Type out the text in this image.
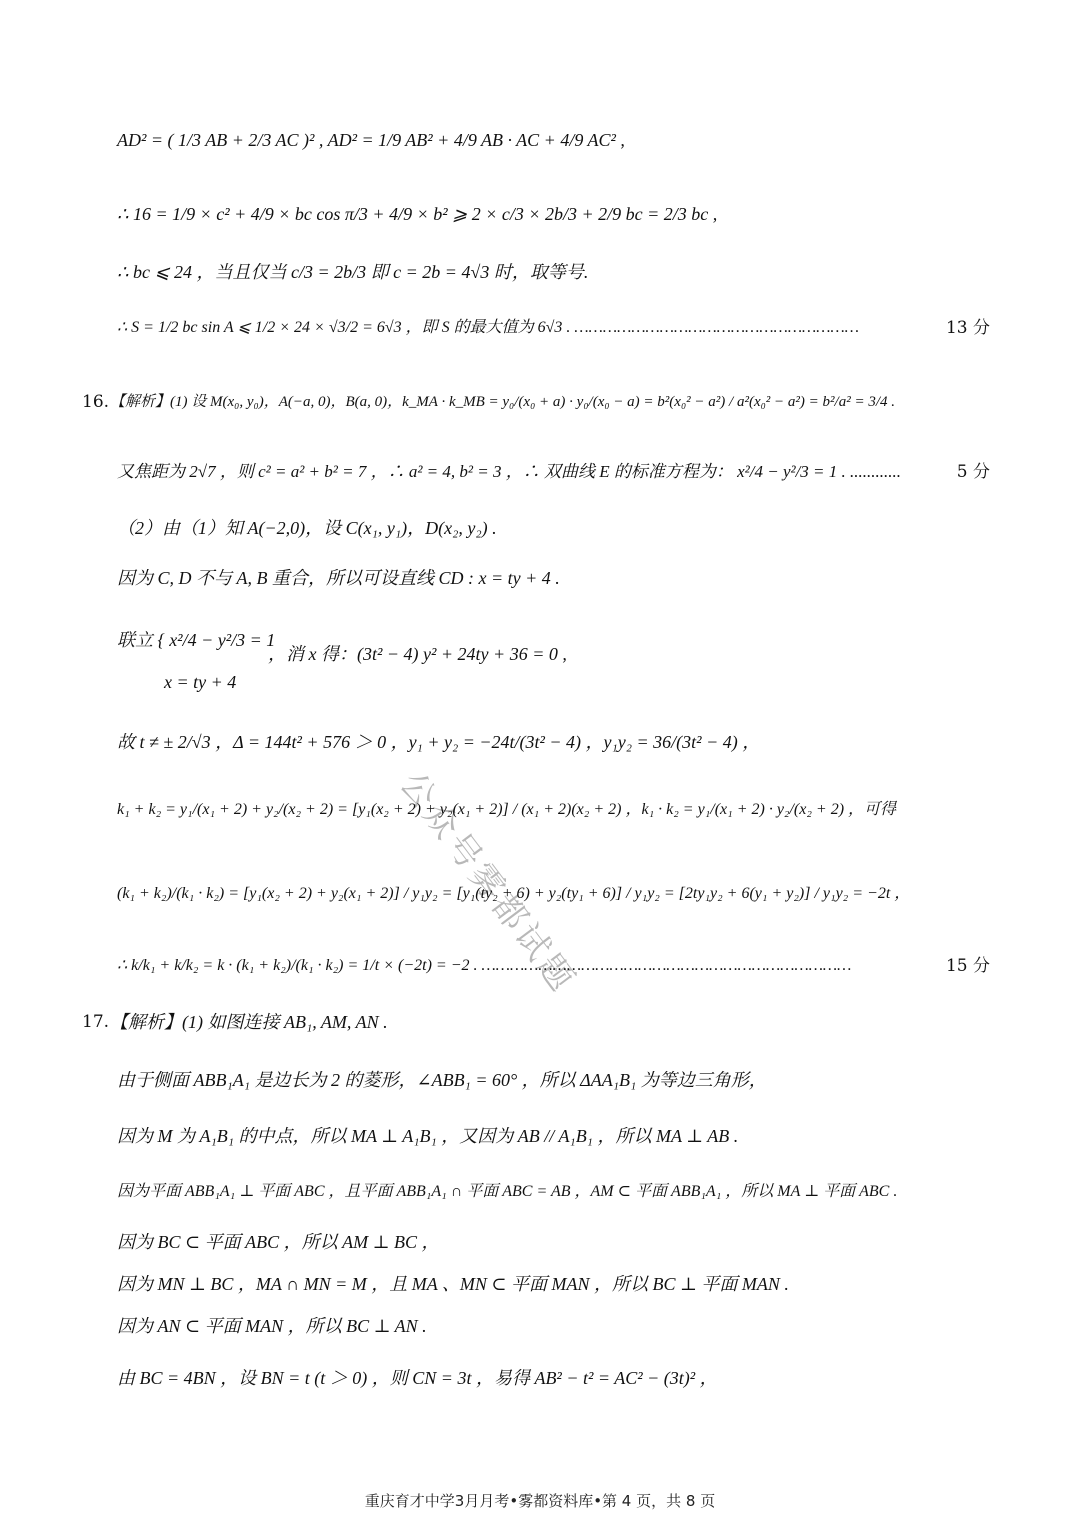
AD² = ( 1/3 AB + 2/3 AC )² , AD² = 1/9 AB² + 4/9 AB · AC + 4/9 AC² ,
∴ 16 = 1/9 × c² + 4/9 × bc cos π/3 + 4/9 × b² ⩾ 2 × c/3 × 2b/3 + 2/9 bc = 2/3 bc ,
∴ bc ⩽ 24 ，当且仅当 c/3 = 2b/3 即 c = 2b = 4√3 时，取等号.
∴ S = 1/2 bc sin A ⩽ 1/2 × 24 × √3/2 = 6√3 ，即 S 的最大值为 6√3 . ……………………………………………………	13 分
16. 【解析】(1) 设 M(x₀, y₀)，A(−a, 0)，B(a, 0)，k_MA · k_MB = y₀/(x₀ + a) · y₀/(x₀ − a) = b²(x₀² − a²) / a²(x₀² − a²) = b²/a² = 3/4 .
又焦距为 2√7 ，则 c² = a² + b² = 7 ，∴ a² = 4, b² = 3 ，∴ 双曲线 E 的标准方程为： x²/4 − y²/3 = 1 . ............	5 分
（2）由（1）知 A(−2,0)，设 C(x₁, y₁)，D(x₂, y₂) .
因为 C, D 不与 A, B 重合，所以可设直线 CD : x = ty + 4 .
联立 { x²/4 − y²/3 = 1
x = ty + 4
，消 x 得：(3t² − 4) y² + 24ty + 36 = 0 ,
故 t ≠ ± 2/√3 ，Δ = 144t² + 576 ＞ 0 ，y₁ + y₂ = −24t/(3t² − 4) ，y₁y₂ = 36/(3t² − 4) ，
k₁ + k₂ = y₁/(x₁ + 2) + y₂/(x₂ + 2) = [y₁(x₂ + 2) + y₂(x₁ + 2)] / (x₁ + 2)(x₂ + 2) ，k₁ · k₂ = y₁/(x₁ + 2) · y₂/(x₂ + 2) ，可得
(k₁ + k₂)/(k₁ · k₂) = [y₁(x₂ + 2) + y₂(x₁ + 2)] / y₁y₂ = [y₁(ty₂ + 6) + y₂(ty₁ + 6)] / y₁y₂ = [2ty₁y₂ + 6(y₁ + y₂)] / y₁y₂ = −2t ，
∴ k/k₁ + k/k₂ = k · (k₁ + k₂)/(k₁ · k₂) = 1/t × (−2t) = −2 . ……………………………………………………………………	15 分
17. 【解析】(1) 如图连接 AB₁, AM, AN .
由于侧面 ABB₁A₁ 是边长为 2 的菱形，∠ABB₁ = 60° ，所以 ΔAA₁B₁ 为等边三角形，
因为 M 为 A₁B₁ 的中点，所以 MA ⊥ A₁B₁ ，又因为 AB // A₁B₁ ，所以 MA ⊥ AB .
因为平面 ABB₁A₁ ⊥ 平面 ABC ，且平面 ABB₁A₁ ∩ 平面 ABC = AB ，AM ⊂ 平面 ABB₁A₁ ，所以 MA ⊥ 平面 ABC .
因为 BC ⊂ 平面 ABC ，所以 AM ⊥ BC ，
因为 MN ⊥ BC ，MA ∩ MN = M ，且 MA 、MN ⊂ 平面 MAN ，所以 BC ⊥ 平面 MAN .
因为 AN ⊂ 平面 MAN ，所以 BC ⊥ AN .
由 BC = 4BN ，设 BN = t (t ＞ 0) ，则 CN = 3t ，易得 AB² − t² = AC² − (3t)² ，
公众号雾都试题
重庆育才中学3月月考•雾都资料库•第 4 页，共 8 页
